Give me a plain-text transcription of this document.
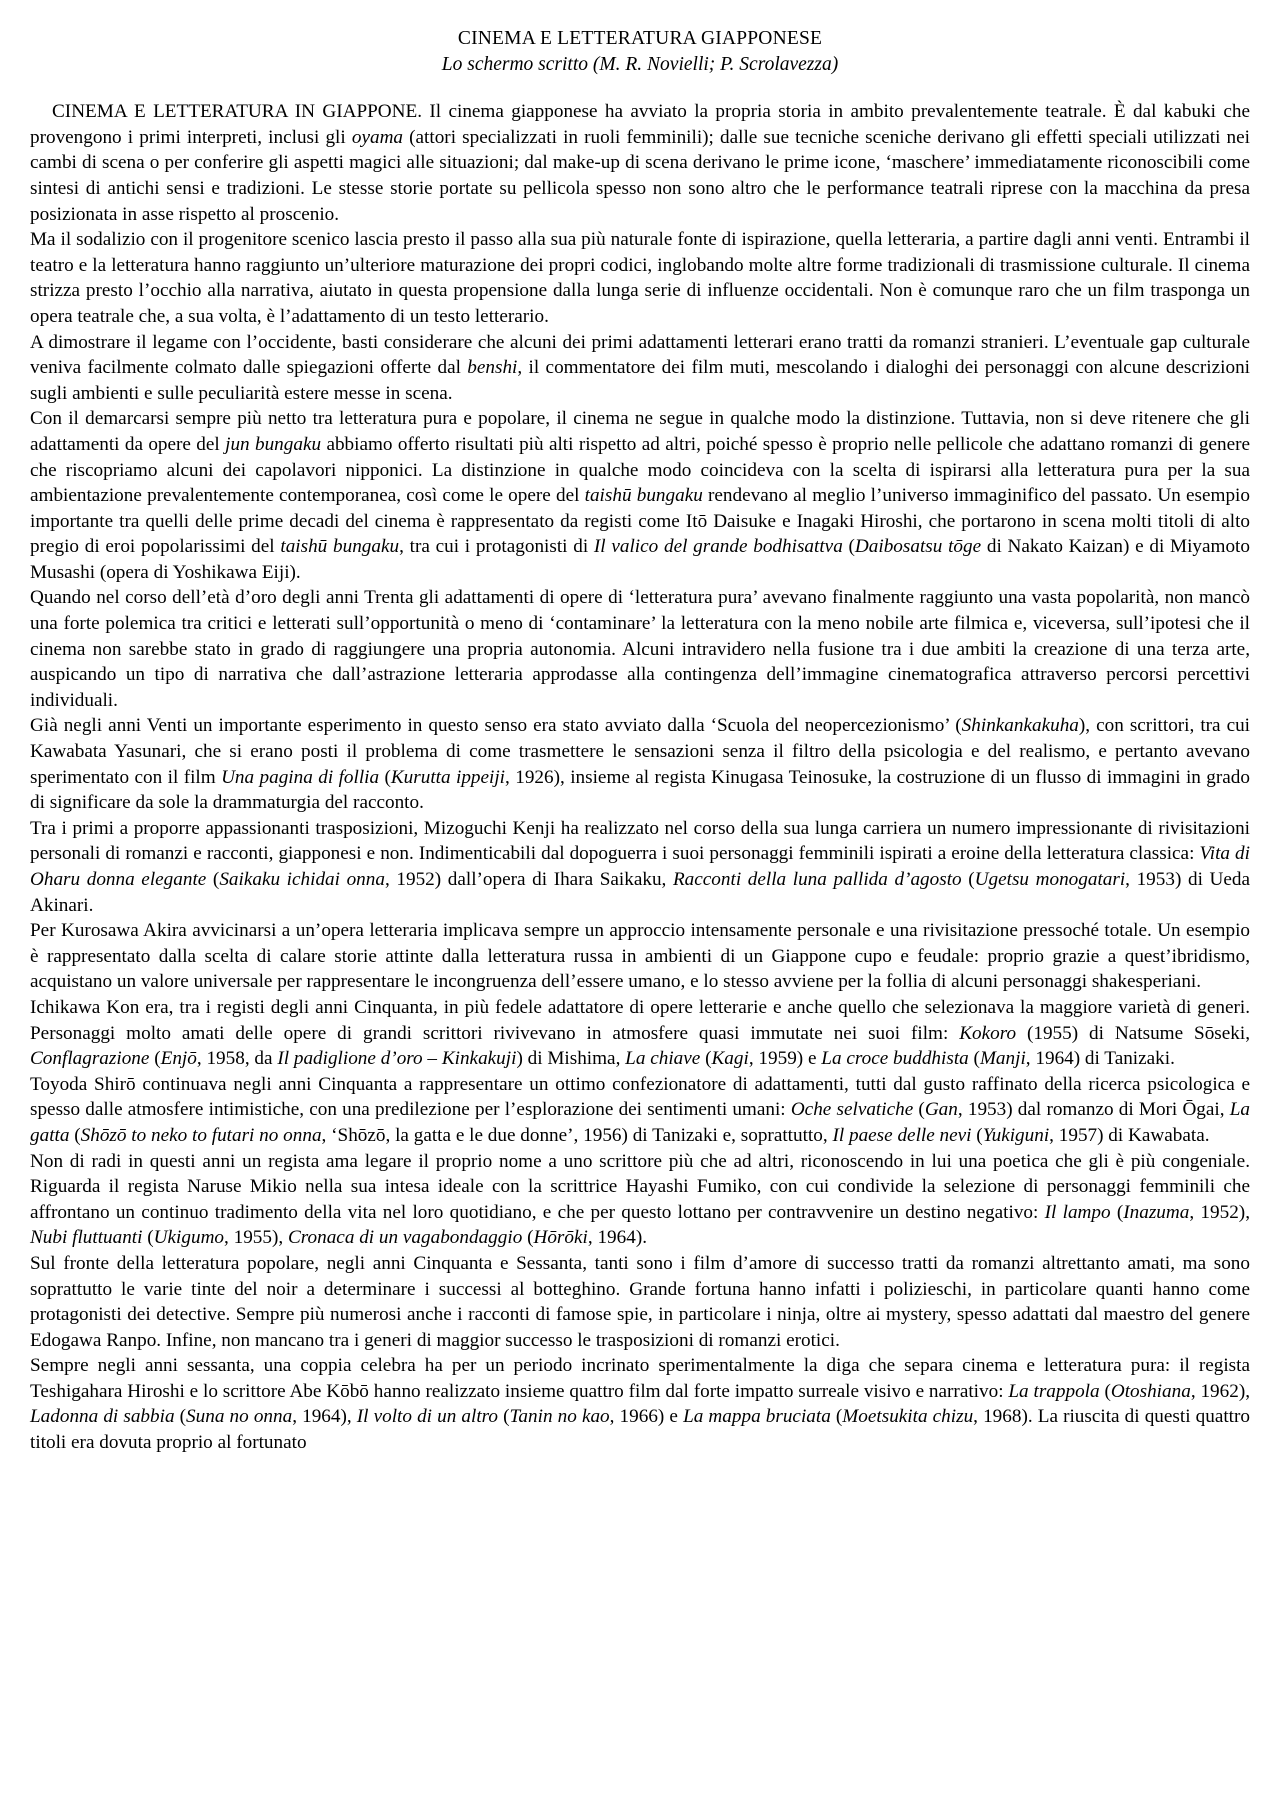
CINEMA E LETTERATURA GIAPPONESE
Lo schermo scritto (M. R. Novielli; P. Scrolavezza)

CINEMA E LETTERATURA IN GIAPPONE. Il cinema giapponese ha avviato la propria storia in ambito prevalentemente teatrale. È dal kabuki che provengono i primi interpreti, inclusi gli oyama (attori specializzati in ruoli femminili); dalle sue tecniche sceniche derivano gli effetti speciali utilizzati nei cambi di scena o per conferire gli aspetti magici alle situazioni; dal make-up di scena derivano le prime icone, ‘maschere’ immediatamente riconoscibili come sintesi di antichi sensi e tradizioni. Le stesse storie portate su pellicola spesso non sono altro che le performance teatrali riprese con la macchina da presa posizionata in asse rispetto al proscenio.

Ma il sodalizio con il progenitore scenico lascia presto il passo alla sua più naturale fonte di ispirazione, quella letteraria, a partire dagli anni venti. Entrambi il teatro e la letteratura hanno raggiunto un’ulteriore maturazione dei propri codici, inglobando molte altre forme tradizionali di trasmissione culturale. Il cinema strizza presto l’occhio alla narrativa, aiutato in questa propensione dalla lunga serie di influenze occidentali. Non è comunque raro che un film trasponga un opera teatrale che, a sua volta, è l’adattamento di un testo letterario.

A dimostrare il legame con l’occidente, basti considerare che alcuni dei primi adattamenti letterari erano tratti da romanzi stranieri. L’eventuale gap culturale veniva facilmente colmato dalle spiegazioni offerte dal benshi, il commentatore dei film muti, mescolando i dialoghi dei personaggi con alcune descrizioni sugli ambienti e sulle peculiarità estere messe in scena.

Con il demarcarsi sempre più netto tra letteratura pura e popolare, il cinema ne segue in qualche modo la distinzione. Tuttavia, non si deve ritenere che gli adattamenti da opere del jun bungaku abbiamo offerto risultati più alti rispetto ad altri, poiché spesso è proprio nelle pellicole che adattano romanzi di genere che riscopriamo alcuni dei capolavori nipponici. La distinzione in qualche modo coincideva con la scelta di ispirarsi alla letteratura pura per la sua ambientazione prevalentemente contemporanea, così come le opere del taishū bungaku rendevano al meglio l’universo immaginifico del passato. Un esempio importante tra quelli delle prime decadi del cinema è rappresentato da registi come Itō Daisuke e Inagaki Hiroshi, che portarono in scena molti titoli di alto pregio di eroi popolarissimi del taishū bungaku, tra cui i protagonisti di Il valico del grande bodhisattva (Daibosatsu tōge di Nakato Kaizan) e di Miyamoto Musashi (opera di Yoshikawa Eiji).

Quando nel corso dell’età d’oro degli anni Trenta gli adattamenti di opere di ‘letteratura pura’ avevano finalmente raggiunto una vasta popolarità, non mancò una forte polemica tra critici e letterati sull’opportunità o meno di ‘contaminare’ la letteratura con la meno nobile arte filmica e, viceversa, sull’ipotesi che il cinema non sarebbe stato in grado di raggiungere una propria autonomia. Alcuni intravidero nella fusione tra i due ambiti la creazione di una terza arte, auspicando un tipo di narrativa che dall’astrazione letteraria approdasse alla contingenza dell’immagine cinematografica attraverso percorsi percettivi individuali.

Già negli anni Venti un importante esperimento in questo senso era stato avviato dalla ‘Scuola del neopercezionismo’ (Shinkankakuha), con scrittori, tra cui Kawabata Yasunari, che si erano posti il problema di come trasmettere le sensazioni senza il filtro della psicologia e del realismo, e pertanto avevano sperimentato con il film Una pagina di follia (Kurutta ippeiji, 1926), insieme al regista Kinugasa Teinosuke, la costruzione di un flusso di immagini in grado di significare da sole la drammaturgia del racconto.

Tra i primi a proporre appassionanti trasposizioni, Mizoguchi Kenji ha realizzato nel corso della sua lunga carriera un numero impressionante di rivisitazioni personali di romanzi e racconti, giapponesi e non. Indimenticabili dal dopoguerra i suoi personaggi femminili ispirati a eroine della letteratura classica: Vita di Oharu donna elegante (Saikaku ichidai onna, 1952) dall’opera di Ihara Saikaku, Racconti della luna pallida d’agosto (Ugetsu monogatari, 1953) di Ueda Akinari.

Per Kurosawa Akira avvicinarsi a un’opera letteraria implicava sempre un approccio intensamente personale e una rivisitazione pressoché totale. Un esempio è rappresentato dalla scelta di calare storie attinte dalla letteratura russa in ambienti di un Giappone cupo e feudale: proprio grazie a quest’ibridismo, acquistano un valore universale per rappresentare le incongruenza dell’essere umano, e lo stesso avviene per la follia di alcuni personaggi shakesperiani.

Ichikawa Kon era, tra i registi degli anni Cinquanta, in più fedele adattatore di opere letterarie e anche quello che selezionava la maggiore varietà di generi. Personaggi molto amati delle opere di grandi scrittori rivivevano in atmosfere quasi immutate nei suoi film: Kokoro (1955) di Natsume Sōseki, Conflagrazione (Enjō, 1958, da Il padiglione d’oro – Kinkakuji) di Mishima, La chiave (Kagi, 1959) e La croce buddhista (Manji, 1964) di Tanizaki.

Toyoda Shirō continuava negli anni Cinquanta a rappresentare un ottimo confezionatore di adattamenti, tutti dal gusto raffinato della ricerca psicologica e spesso dalle atmosfere intimistiche, con una predilezione per l’esplorazione dei sentimenti umani: Oche selvatiche (Gan, 1953) dal romanzo di Mori Ōgai, La gatta (Shōzō to neko to futari no onna, ‘Shōzō, la gatta e le due donne’, 1956) di Tanizaki e, soprattutto, Il paese delle nevi (Yukiguni, 1957) di Kawabata.

Non di radi in questi anni un regista ama legare il proprio nome a uno scrittore più che ad altri, riconoscendo in lui una poetica che gli è più congeniale. Riguarda il regista Naruse Mikio nella sua intesa ideale con la scrittrice Hayashi Fumiko, con cui condivide la selezione di personaggi femminili che affrontano un continuo tradimento della vita nel loro quotidiano, e che per questo lottano per contravvenire un destino negativo: Il lampo (Inazuma, 1952), Nubi fluttuanti (Ukigumo, 1955), Cronaca di un vagabondaggio (Hōrōki, 1964).

Sul fronte della letteratura popolare, negli anni Cinquanta e Sessanta, tanti sono i film d’amore di successo tratti da romanzi altrettanto amati, ma sono soprattutto le varie tinte del noir a determinare i successi al botteghino. Grande fortuna hanno infatti i polizieschi, in particolare quanti hanno come protagonisti dei detective. Sempre più numerosi anche i racconti di famose spie, in particolare i ninja, oltre ai mystery, spesso adattati dal maestro del genere Edogawa Ranpo. Infine, non mancano tra i generi di maggior successo le trasposizioni di romanzi erotici.

Sempre negli anni sessanta, una coppia celebra ha per un periodo incrinato sperimentalmente la diga che separa cinema e letteratura pura: il regista Teshigahara Hiroshi e lo scrittore Abe Kōbō hanno realizzato insieme quattro film dal forte impatto surreale visivo e narrativo: La trappola (Otoshiana, 1962), Ladonna di sabbia (Suna no onna, 1964), Il volto di un altro (Tanin no kao, 1966) e La mappa bruciata (Moetsukita chizu, 1968). La riuscita di questi quattro titoli era dovuta proprio al fortunato
